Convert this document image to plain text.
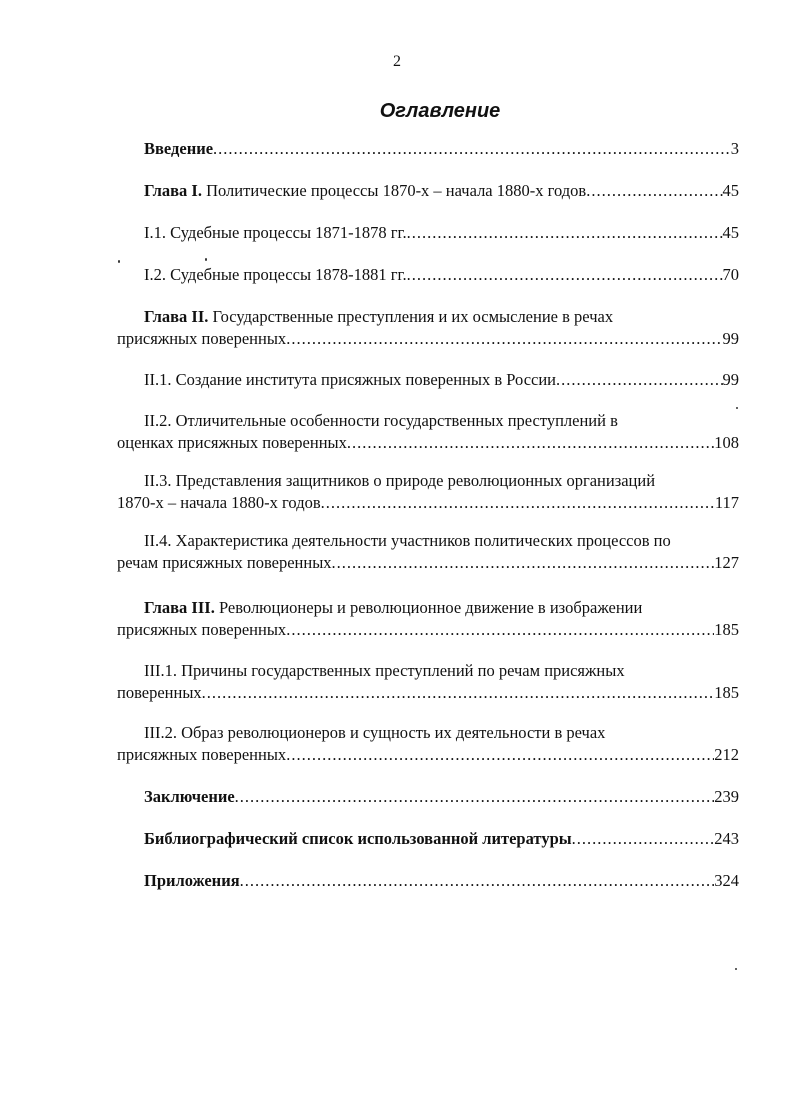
2
Оглавление
Введение .....	3
Глава I. Политические процессы 1870-х – начала 1880-х годов .....	45
I.1. Судебные процессы 1871-1878 гг. .....	45
I.2. Судебные процессы 1878-1881 гг. .....	70
Глава II. Государственные преступления и их осмысление в речах
присяжных поверенных .....	99
II.1. Создание института присяжных поверенных в России .....	99
II.2. Отличительные особенности государственных преступлений в
оценках присяжных поверенных .....	108
II.3. Представления защитников о природе революционных организаций
1870-х – начала 1880-х годов .....	117
II.4. Характеристика деятельности участников политических процессов по
речам присяжных поверенных .....	127
Глава III. Революционеры и революционное движение в изображении
присяжных поверенных .....	185
III.1. Причины государственных преступлений по речам присяжных
поверенных .....	185
III.2. Образ революционеров и сущность их деятельности в речах
присяжных поверенных .....	212
Заключение .....	239
Библиографический список использованной литературы .....	243
Приложения .....	324
